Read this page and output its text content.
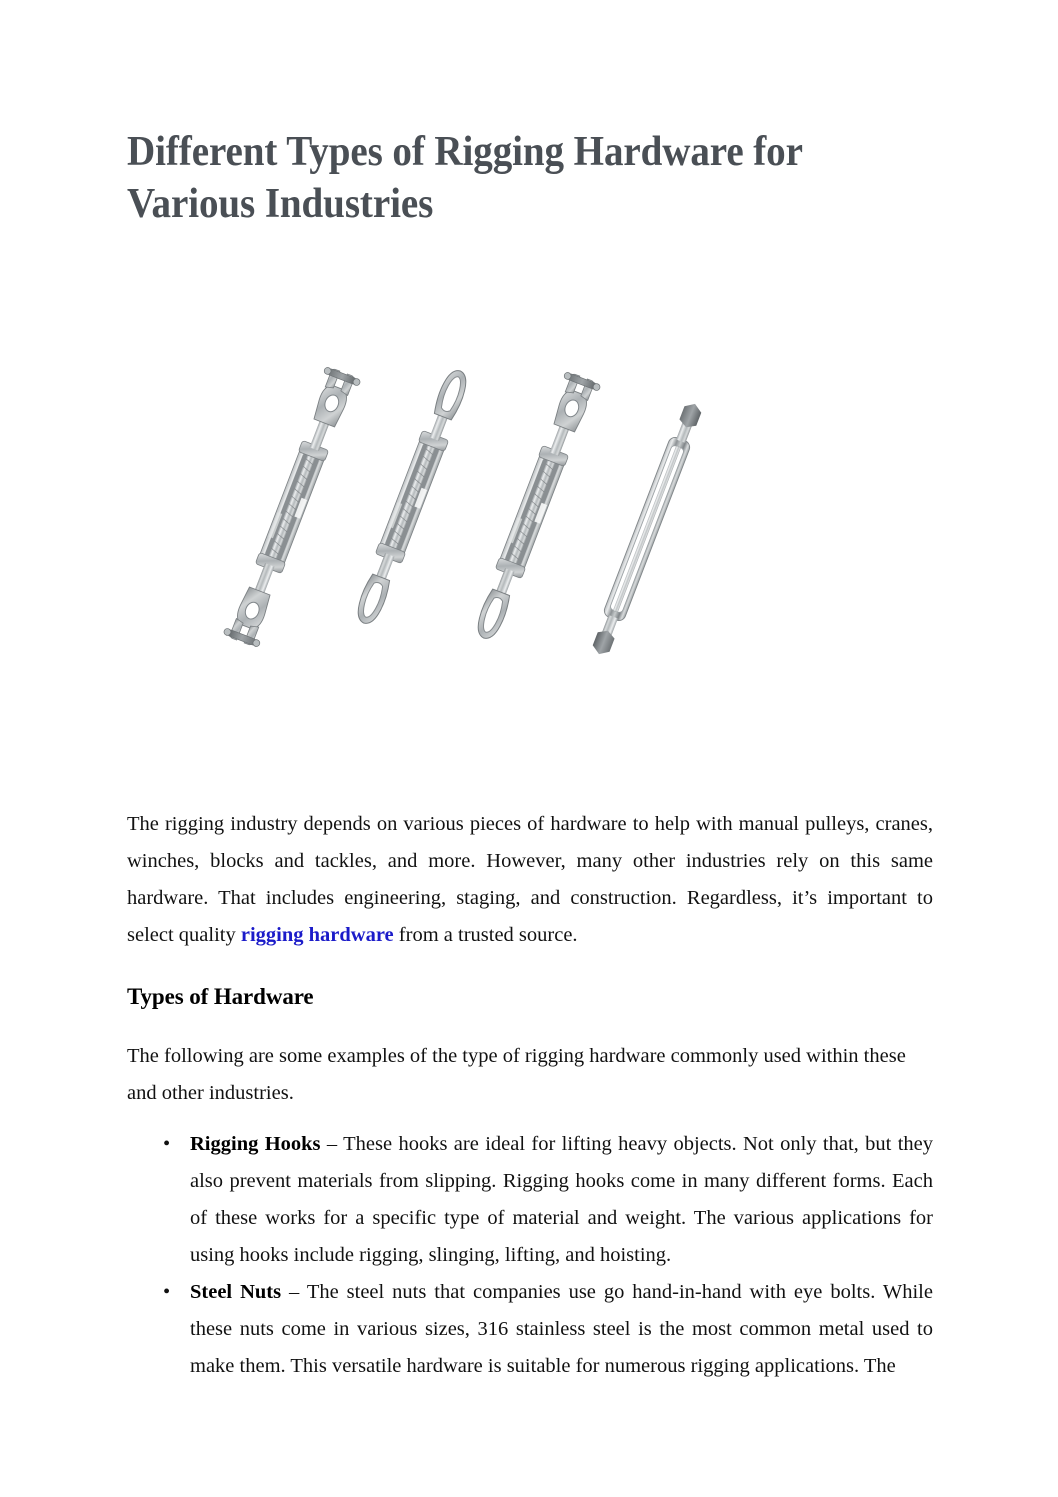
Different Types of Rigging Hardware for Various Industries

The rigging industry depends on various pieces of hardware to help with manual pulleys, cranes, winches, blocks and tackles, and more. However, many other industries rely on this same hardware. That includes engineering, staging, and construction. Regardless, it’s important to select quality rigging hardware from a trusted source.

Types of Hardware

The following are some examples of the type of rigging hardware commonly used within these and other industries.

• Rigging Hooks – These hooks are ideal for lifting heavy objects. Not only that, but they also prevent materials from slipping. Rigging hooks come in many different forms. Each of these works for a specific type of material and weight. The various applications for using hooks include rigging, slinging, lifting, and hoisting.
• Steel Nuts – The steel nuts that companies use go hand-in-hand with eye bolts. While these nuts come in various sizes, 316 stainless steel is the most common metal used to make them. This versatile hardware is suitable for numerous rigging applications. The
